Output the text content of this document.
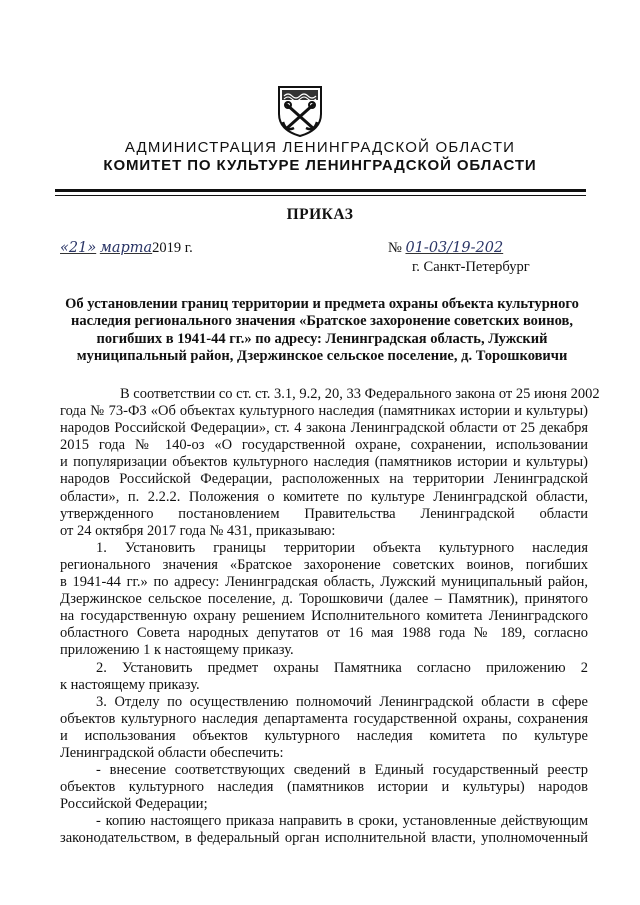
АДМИНИСТРАЦИЯ ЛЕНИНГРАДСКОЙ ОБЛАСТИ
КОМИТЕТ ПО КУЛЬТУРЕ ЛЕНИНГРАДСКОЙ ОБЛАСТИ
ПРИКАЗ
«21» марта2019 г.	№ 01-03/19-202
г. Санкт-Петербург
Об установлении границ территории и предмета охраны объекта культурного
наследия регионального значения «Братское захоронение советских воинов,
погибших в 1941-44 гг.» по адресу: Ленинградская область, Лужский
муниципальный район, Дзержинское сельское поселение, д. Торошковичи
В соответствии со ст. ст. 3.1, 9.2, 20, 33 Федерального закона от 25 июня 2002
года № 73-ФЗ «Об объектах культурного наследия (памятниках истории и культуры)
народов Российской Федерации», ст. 4 закона Ленинградской области от 25 декабря
2015 года № 140-оз «О государственной охране, сохранении, использовании
и популяризации объектов культурного наследия (памятников истории и культуры)
народов Российской Федерации, расположенных на территории Ленинградской
области», п. 2.2.2. Положения о комитете по культуре Ленинградской области,
утвержденного постановлением Правительства Ленинградской области
от 24 октября 2017 года № 431, приказываю:
1. Установить границы территории объекта культурного наследия
регионального значения «Братское захоронение советских воинов, погибших
в 1941-44 гг.» по адресу: Ленинградская область, Лужский муниципальный район,
Дзержинское сельское поселение, д. Торошковичи (далее – Памятник), принятого
на государственную охрану решением Исполнительного комитета Ленинградского
областного Совета народных депутатов от 16 мая 1988 года № 189, согласно
приложению 1 к настоящему приказу.
2. Установить предмет охраны Памятника согласно приложению 2
к настоящему приказу.
3. Отделу по осуществлению полномочий Ленинградской области в сфере
объектов культурного наследия департамента государственной охраны, сохранения
и использования объектов культурного наследия комитета по культуре
Ленинградской области обеспечить:
- внесение соответствующих сведений в Единый государственный реестр
объектов культурного наследия (памятников истории и культуры) народов
Российской Федерации;
- копию настоящего приказа направить в сроки, установленные действующим
законодательством, в федеральный орган исполнительной власти, уполномоченный
